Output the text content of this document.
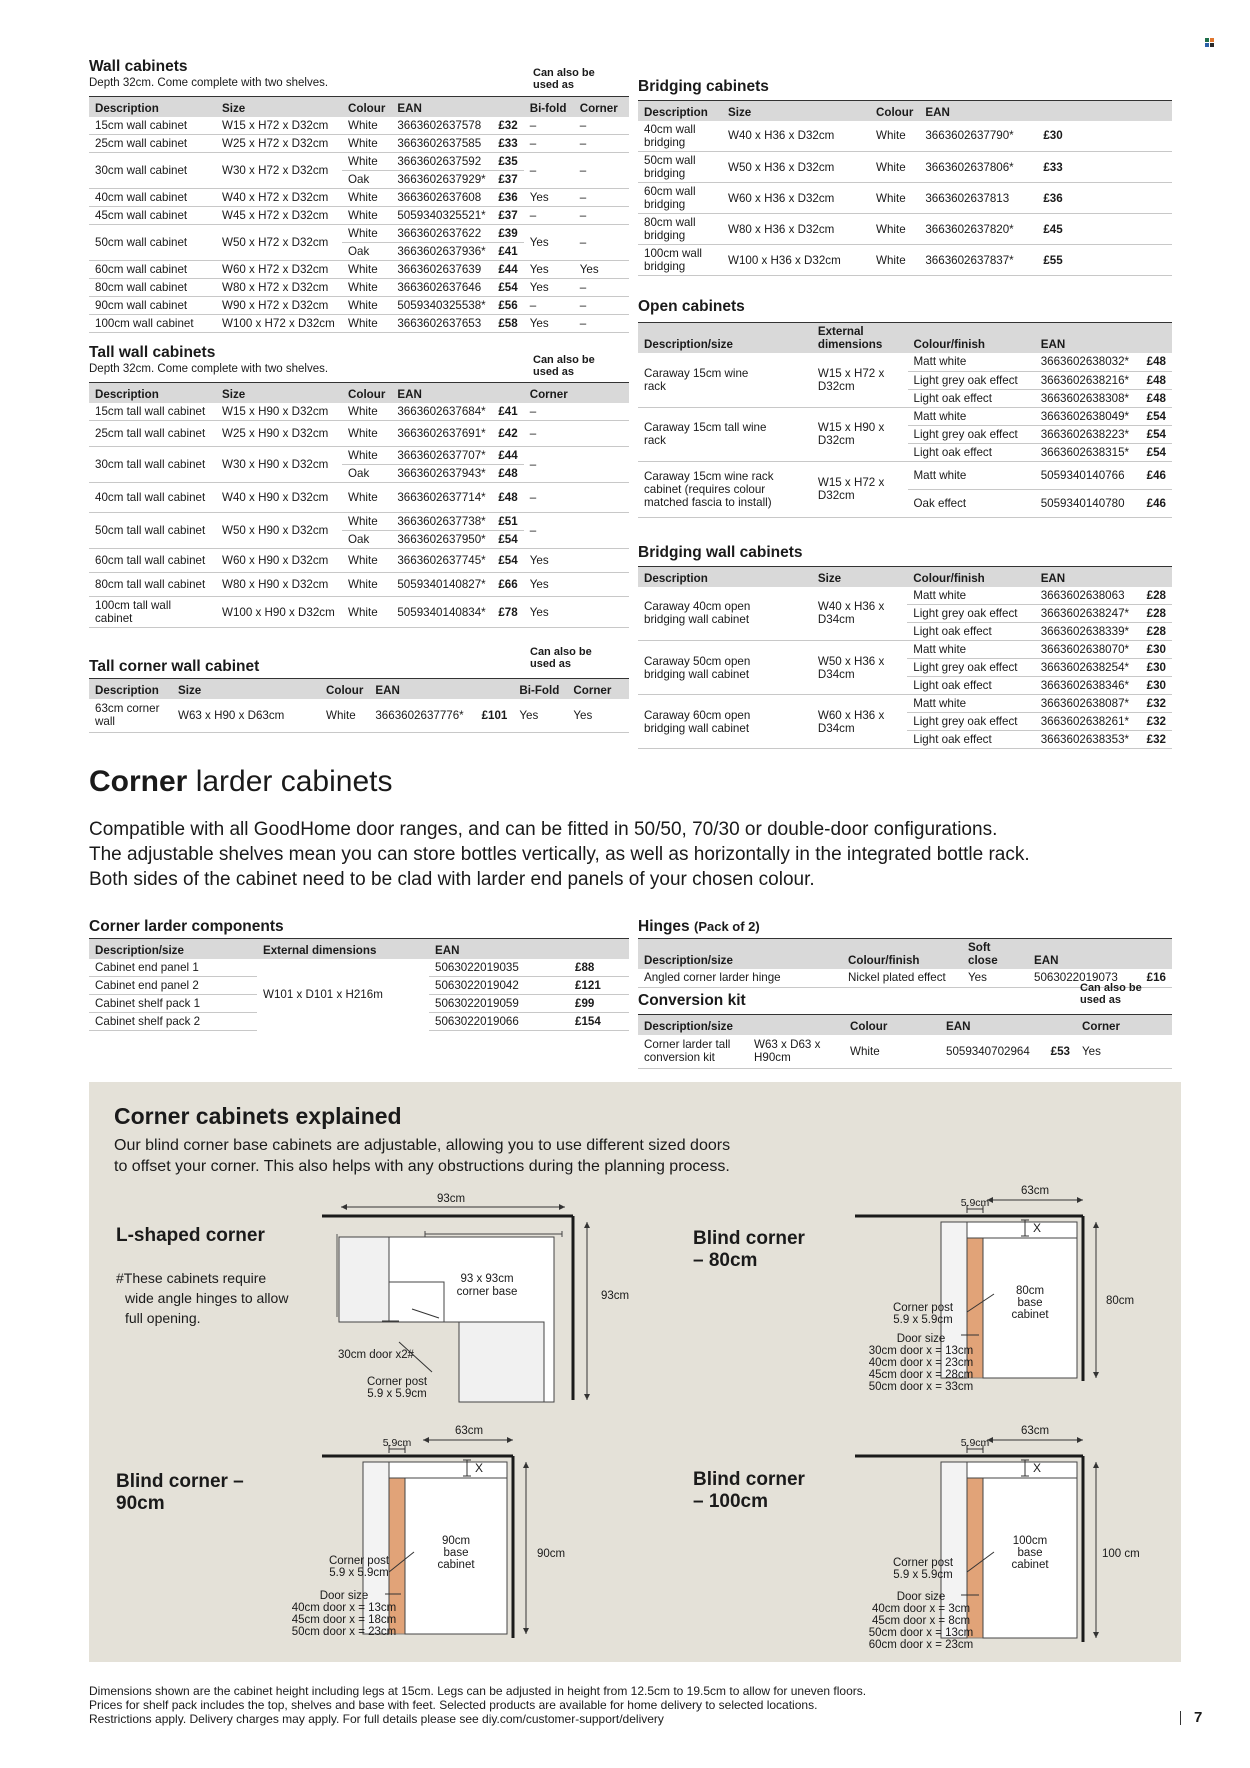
Wall cabinets
Depth 32cm. Come complete with two shelves.
Can also be used as
Description	Size	Colour	EAN		Bi-fold	Corner
15cm wall cabinet	W15 x H72 x D32cm	White	3663602637578	£32	–	–
25cm wall cabinet	W25 x H72 x D32cm	White	3663602637585	£33	–	–
30cm wall cabinet	W30 x H72 x D32cm	White	3663602637592	£35	–	–
		Oak	3663602637929*	£37		
40cm wall cabinet	W40 x H72 x D32cm	White	3663602637608	£36	Yes	–
45cm wall cabinet	W45 x H72 x D32cm	White	5059340325521*	£37	–	–
50cm wall cabinet	W50 x H72 x D32cm	White	3663602637622	£39	Yes	–
		Oak	3663602637936*	£41		
60cm wall cabinet	W60 x H72 x D32cm	White	3663602637639	£44	Yes	Yes
80cm wall cabinet	W80 x H72 x D32cm	White	3663602637646	£54	Yes	–
90cm wall cabinet	W90 x H72 x D32cm	White	5059340325538*	£56	–	–
100cm wall cabinet	W100 x H72 x D32cm	White	3663602637653	£58	Yes	–
Tall wall cabinets
Depth 32cm. Come complete with two shelves.
Can also be used as
Description	Size	Colour	EAN		Corner
15cm tall wall cabinet	W15 x H90 x D32cm	White	3663602637684*	£41	–
25cm tall wall cabinet	W25 x H90 x D32cm	White	3663602637691*	£42	–
30cm tall wall cabinet	W30 x H90 x D32cm	White	3663602637707*	£44	–
		Oak	3663602637943*	£48	
40cm tall wall cabinet	W40 x H90 x D32cm	White	3663602637714*	£48	–
50cm tall wall cabinet	W50 x H90 x D32cm	White	3663602637738*	£51	–
		Oak	3663602637950*	£54	
60cm tall wall cabinet	W60 x H90 x D32cm	White	3663602637745*	£54	Yes
80cm tall wall cabinet	W80 x H90 x D32cm	White	5059340140827*	£66	Yes
100cm tall wall cabinet	W100 x H90 x D32cm	White	5059340140834*	£78	Yes
Tall corner wall cabinet
Can also be used as
Description	Size	Colour	EAN		Bi-Fold	Corner
63cm corner wall	W63 x H90 x D63cm	White	3663602637776*	£101	Yes	Yes
Bridging cabinets
Description	Size	Colour	EAN	
40cm wall bridging	W40 x H36 x D32cm	White	3663602637790*	£30
50cm wall bridging	W50 x H36 x D32cm	White	3663602637806*	£33
60cm wall bridging	W60 x H36 x D32cm	White	3663602637813	£36
80cm wall bridging	W80 x H36 x D32cm	White	3663602637820*	£45
100cm wall bridging	W100 x H36 x D32cm	White	3663602637837*	£55
Open cabinets
Description/size	External dimensions	Colour/finish	EAN	
Caraway 15cm wine rack	W15 x H72 x D32cm	Matt white	3663602638032*	£48
		Light grey oak effect	3663602638216*	£48
		Light oak effect	3663602638308*	£48
Caraway 15cm tall wine rack	W15 x H90 x D32cm	Matt white	3663602638049*	£54
		Light grey oak effect	3663602638223*	£54
		Light oak effect	3663602638315*	£54
Caraway 15cm wine rack cabinet (requires colour matched fascia to install)	W15 x H72 x D32cm	Matt white	5059340140766	£46
		Oak effect	5059340140780	£46
Bridging wall cabinets
Description	Size	Colour/finish	EAN	
Caraway 40cm open bridging wall cabinet	W40 x H36 x D34cm	Matt white	3663602638063	£28
		Light grey oak effect	3663602638247*	£28
		Light oak effect	3663602638339*	£28
Caraway 50cm open bridging wall cabinet	W50 x H36 x D34cm	Matt white	3663602638070*	£30
		Light grey oak effect	3663602638254*	£30
		Light oak effect	3663602638346*	£30
Caraway 60cm open bridging wall cabinet	W60 x H36 x D34cm	Matt white	3663602638087*	£32
		Light grey oak effect	3663602638261*	£32
		Light oak effect	3663602638353*	£32
Corner larder cabinets
Compatible with all GoodHome door ranges, and can be fitted in 50/50, 70/30 or double-door configurations.
The adjustable shelves mean you can store bottles vertically, as well as horizontally in the integrated bottle rack.
Both sides of the cabinet need to be clad with larder end panels of your chosen colour.
Corner larder components
Description/size	External dimensions	EAN	
Cabinet end panel 1	W101 x D101 x H216m	5063022019035	£88
Cabinet end panel 2		5063022019042	£121
Cabinet shelf pack 1		5063022019059	£99
Cabinet shelf pack 2		5063022019066	£154
Hinges (Pack of 2)
Description/size	Colour/finish	Soft close	EAN	
Angled corner larder hinge	Nickel plated effect	Yes	5063022019073	£16
Conversion kit
Can also be used as
Description/size		Colour	EAN		Corner
Corner larder tall conversion kit	W63 x D63 x H90cm	White	5059340702964	£53	Yes
Corner cabinets explained
Our blind corner base cabinets are adjustable, allowing you to use different sized doors
to offset your corner. This also helps with any obstructions during the planning process.
L-shaped corner
#These cabinets require
wide angle hinges to allow
full opening.
Blind corner
– 80cm
Blind corner –
90cm
Blind corner
– 100cm
93cm
93cm
93 x 93cm
corner base
30cm door x2#
Corner post
5.9 x 5.9cm
63cm
5.9cm
X
80cm
base
cabinet
80cm
Corner post
5.9 x 5.9cm
Door size
30cm door x = 13cm
40cm door x = 23cm
45cm door x = 28cm
50cm door x = 33cm
63cm
5.9cm
X
90cm
base
cabinet
90cm
Corner post
5.9 x 5.9cm
Door size
40cm door x = 13cm
45cm door x = 18cm
50cm door x = 23cm
63cm
5.9cm
X
100cm
base
cabinet
100 cm
Corner post
5.9 x 5.9cm
Door size
40cm door x = 3cm
45cm door x = 8cm
50cm door x = 13cm
60cm door x = 23cm
Dimensions shown are the cabinet height including legs at 15cm. Legs can be adjusted in height from 12.5cm to 19.5cm to allow for uneven floors.
Prices for shelf pack includes the top, shelves and base with feet. Selected products are available for home delivery to selected locations.
Restrictions apply. Delivery charges may apply. For full details please see diy.com/customer-support/delivery	7
